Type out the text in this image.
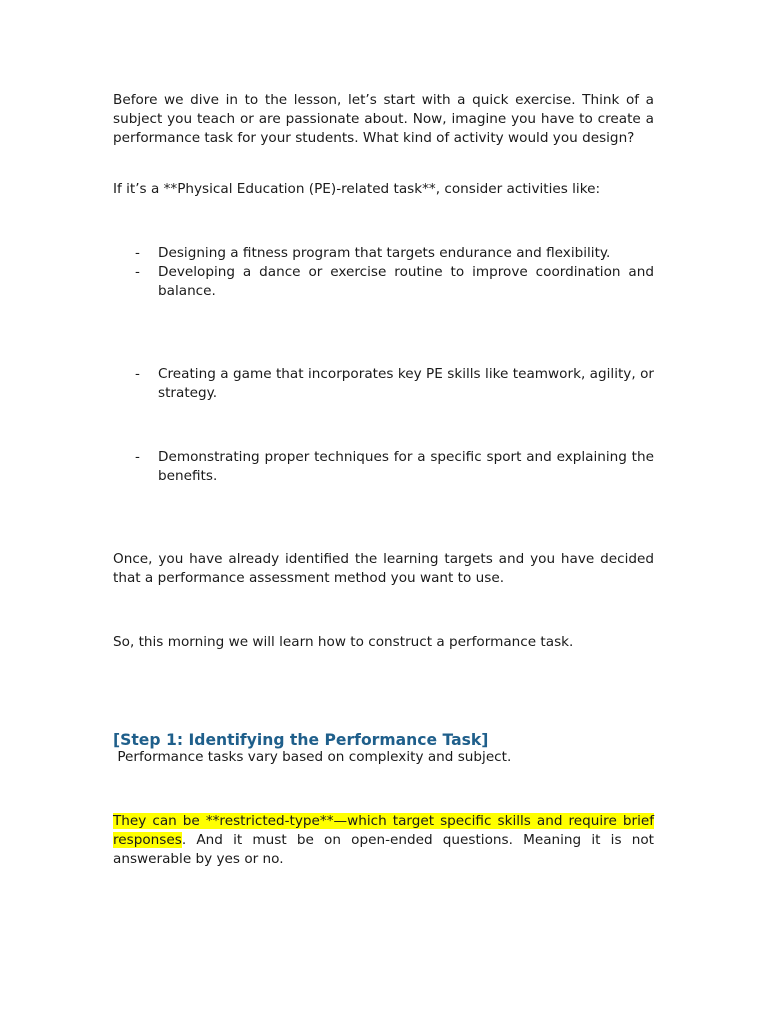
Before we dive in to the lesson, let’s start with a quick exercise. Think of a subject you teach or are passionate about. Now, imagine you have to create a performance task for your students. What kind of activity would you design?

If it’s a **Physical Education (PE)-related task**, consider activities like:

- Designing a fitness program that targets endurance and flexibility.
- Developing a dance or exercise routine to improve coordination and balance.
- Creating a game that incorporates key PE skills like teamwork, agility, or strategy.
- Demonstrating proper techniques for a specific sport and explaining the benefits.

Once, you have already identified the learning targets and you have decided that a performance assessment method you want to use.

So, this morning we will learn how to construct a performance task.

[Step 1: Identifying the Performance Task]

Performance tasks vary based on complexity and subject.

They can be **restricted-type**—which target specific skills and require brief responses. And it must be on open-ended questions. Meaning it is not answerable by yes or no.
